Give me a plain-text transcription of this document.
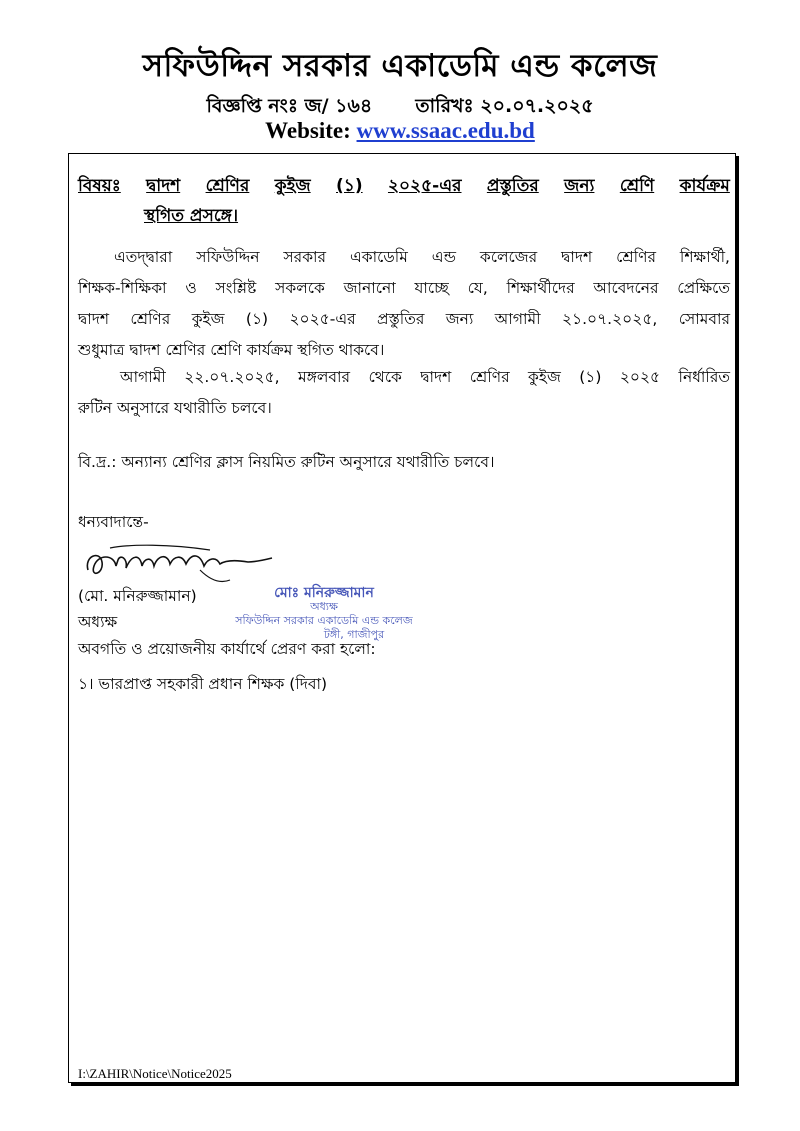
সফিউদ্দিন সরকার একাডেমি এন্ড কলেজ
বিজ্ঞপ্তি নংঃ জ/ ১৬৪ তারিখঃ ২০.০৭.২০২৫
Website: www.ssaac.edu.bd
বিষয়ঃ দ্বাদশ শ্রেণির কুইজ (১) ২০২৫-এর প্রস্তুতির জন্য শ্রেণি কার্যক্রম
স্থগিত প্রসঙ্গে।
এতদ্দ্বারা সফিউদ্দিন সরকার একাডেমি এন্ড কলেজের দ্বাদশ শ্রেণির শিক্ষার্থী,
শিক্ষক-শিক্ষিকা ও সংশ্লিষ্ট সকলকে জানানো যাচ্ছে যে, শিক্ষার্থীদের আবেদনের প্রেক্ষিতে
দ্বাদশ শ্রেণির কুইজ (১) ২০২৫-এর প্রস্তুতির জন্য আগামী ২১.০৭.২০২৫, সোমবার
শুধুমাত্র দ্বাদশ শ্রেণির শ্রেণি কার্যক্রম স্থগিত থাকবে।
আগামী ২২.০৭.২০২৫, মঙ্গলবার থেকে দ্বাদশ শ্রেণির কুইজ (১) ২০২৫ নির্ধারিত
রুটিন অনুসারে যথারীতি চলবে।
বি.দ্র.: অন্যান্য শ্রেণির ক্লাস নিয়মিত রুটিন অনুসারে যথারীতি চলবে।
ধন্যবাদান্তে-
(মো. মনিরুজ্জামান)	মোঃ মনিরুজ্জামান
অধ্যক্ষ
সফিউদ্দিন সরকার একাডেমি এন্ড কলেজ
টঙ্গী, গাজীপুর
অধ্যক্ষ
অবগতি ও প্রয়োজনীয় কার্যার্থে প্রেরণ করা হলো:
১। ভারপ্রাপ্ত সহকারী প্রধান শিক্ষক (দিবা)
I:\ZAHIR\Notice\Notice2025
